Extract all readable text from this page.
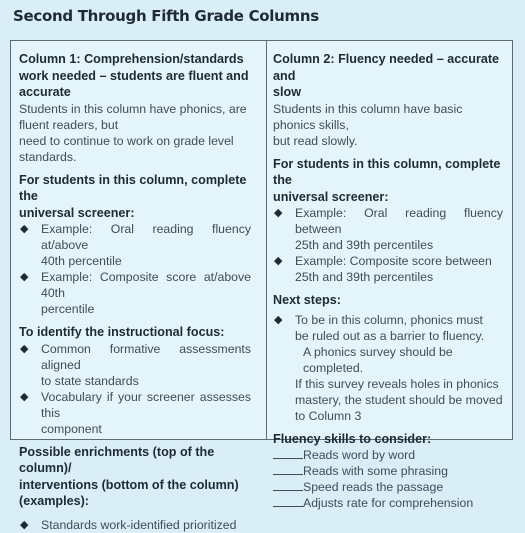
Second Through Fifth Grade Columns
Column 1: Comprehension/standards
work needed – students are fluent and
accurate
Students in this column have phonics, are
fluent readers, but
need to continue to work on grade level
standards.
For students in this column, complete the
universal screener:
◆ Example: Oral reading fluency at/above
40th percentile
◆ Example: Composite score at/above 40th
percentile
To identify the instructional focus:
◆ Common formative assessments aligned
to state standards
◆ Vocabulary if your screener assesses this
component
Possible enrichments (top of the column)/
interventions (bottom of the column)
(examples):
◆ Standards work-identified prioritized
Column 2: Fluency needed – accurate and
slow
Students in this column have basic phonics skills,
but read slowly.
For students in this column, complete the
universal screener:
◆ Example: Oral reading fluency between
25th and 39th percentiles
◆ Example: Composite score between
25th and 39th percentiles
Next steps:
◆ To be in this column, phonics must
be ruled out as a barrier to fluency.
A phonics survey should be completed.
If this survey reveals holes in phonics
mastery, the student should be moved
to Column 3
Fluency skills to consider:
Reads word by word
Reads with some phrasing
Speed reads the passage
Adjusts rate for comprehension
